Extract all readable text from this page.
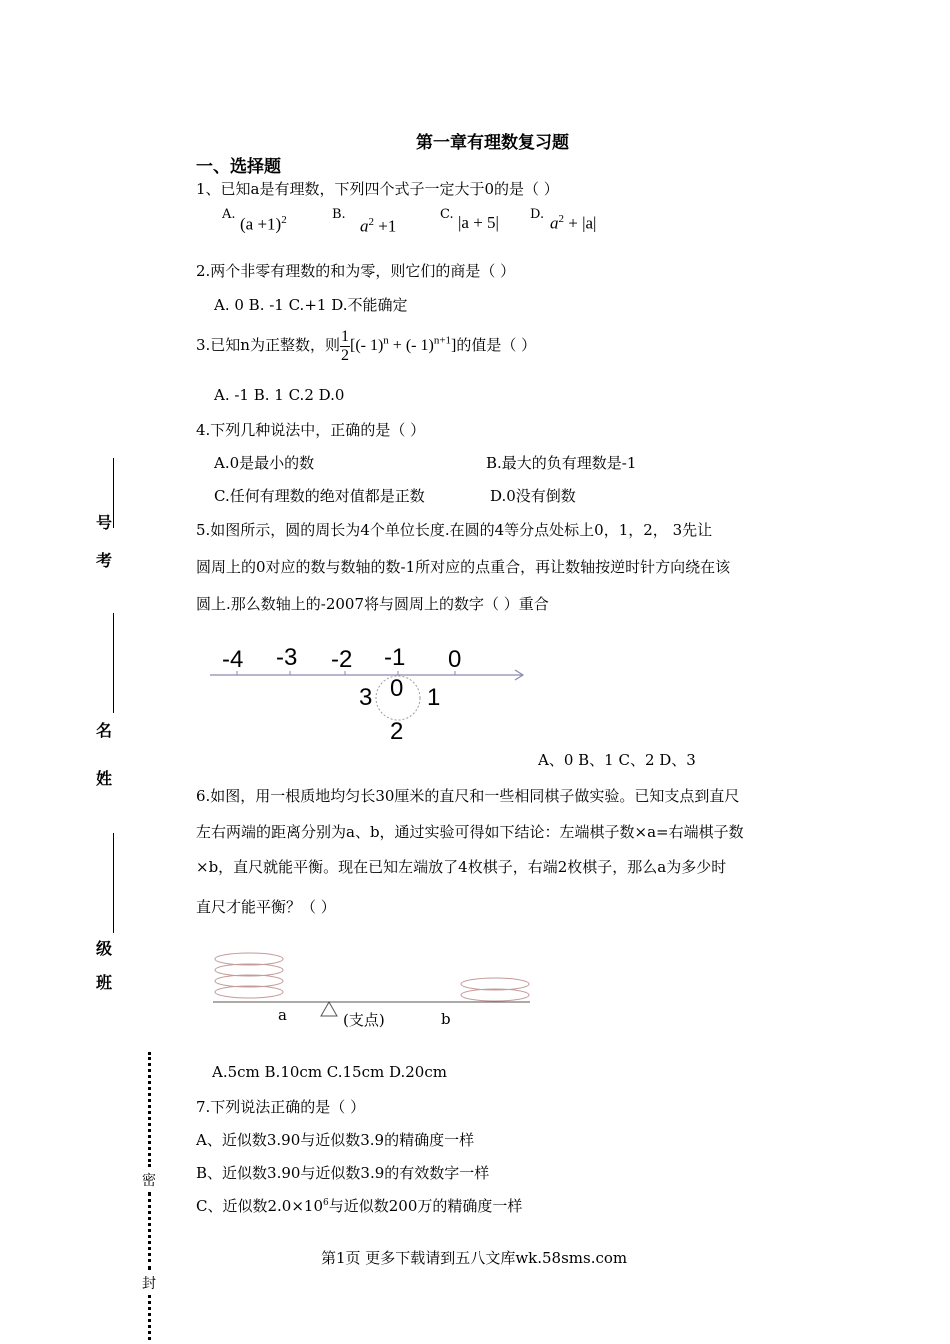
第一章有理数复习题
一、选择题
1、已知a是有理数，下列四个式子一定大于0的是（ ）
A.
$(a +1)^2$	B.
$a^2 +1$
C. |a + 5| D. $a^2 + |a|$
2.两个非零有理数的和为零，则它们的商是（ ）
A. 0 B. -1 C.+1 D.不能确定
3.已知n为正整数，则 $\frac{1}{2}$ [(- 1)$^n$ + (- 1)$^{n+1}$]的值是（ ）
A. -1 B. 1 C.2 D.0
4.下列几种说法中，正确的是（ ）
A.0是最小的数	B.最大的负有理数是-1
C.任何有理数的绝对值都是正数	D.0没有倒数
5.如图所示，圆的周长为4个单位长度.在圆的4等分点处标上0，1，2， 3先让
圆周上的0对应的数与数轴的数-1所对应的点重合，再让数轴按逆时针方向绕在该
圆上.那么数轴上的-2007将与圆周上的数字（ ）重合
-4 -3 -2 -1 0
0 1
2
3
A、0 B、1 C、2 D、3
6.如图，用一根质地均匀长30厘米的直尺和一些相同棋子做实验。已知支点到直尺
左右两端的距离分别为a、b，通过实验可得如下结论：左端棋子数×a=右端棋子数
×b，直尺就能平衡。现在已知左端放了4枚棋子，右端2枚棋子，那么a为多少时
直尺才能平衡？（ ）
a	(支点)	b
A.5cm B.10cm C.15cm D.20cm
7.下列说法正确的是（ ）
A、近似数3.90与近似数3.9的精确度一样
B、近似数3.90与近似数3.9的有效数字一样
C、近似数$2.0\times 10^6$与近似数200万的精确度一样
第1页 更多下载请到五八文库wk.58sms.com
号
考
名
姓
级
班
密
封
